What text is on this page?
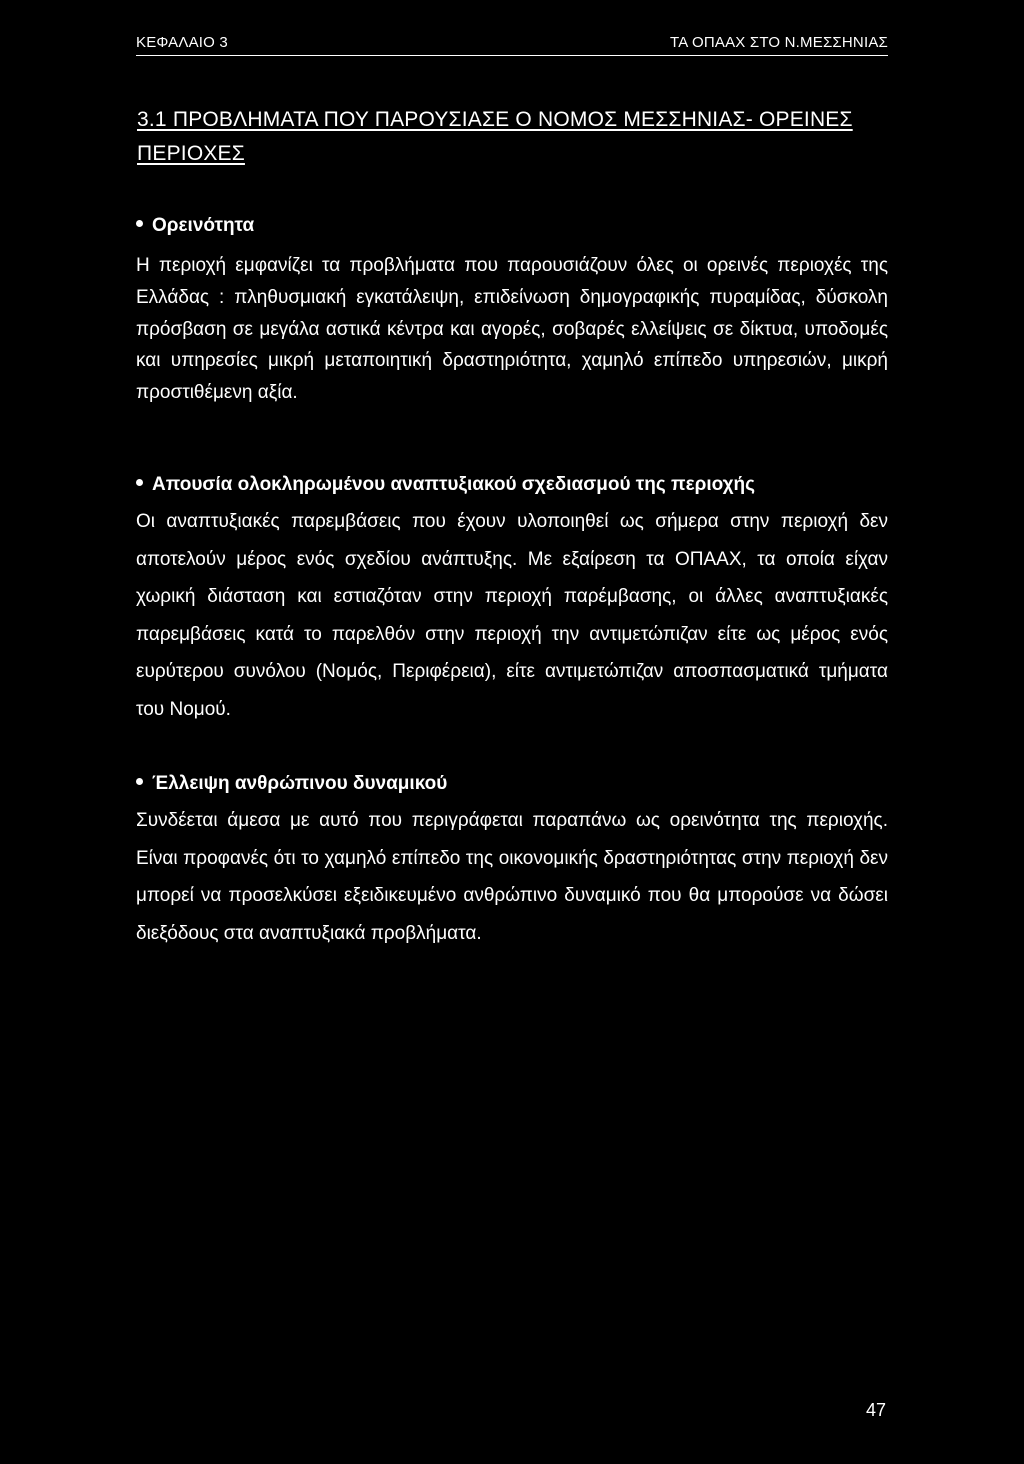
ΚΕΦΑΛΑΙΟ 3	ΤΑ ΟΠΑΑΧ ΣΤΟ Ν.ΜΕΣΣΗΝΙΑΣ
3.1 ΠΡΟΒΛΗΜΑΤΑ ΠΟΥ ΠΑΡΟΥΣΙΑΣΕ Ο ΝΟΜΟΣ ΜΕΣΣΗΝΙΑΣ- ΟΡΕΙΝΕΣ ΠΕΡΙΟΧΕΣ
Ορεινότητα

Η περιοχή εμφανίζει τα προβλήματα που παρουσιάζουν όλες οι ορεινές περιοχές της Ελλάδας : πληθυσμιακή εγκατάλειψη, επιδείνωση δημογραφικής πυραμίδας, δύσκολη πρόσβαση σε μεγάλα αστικά κέντρα και αγορές, σοβαρές ελλείψεις σε δίκτυα, υποδομές και υπηρεσίες μικρή μεταποιητική δραστηριότητα, χαμηλό επίπεδο υπηρεσιών, μικρή προστιθέμενη αξία.

Απουσία ολοκληρωμένου αναπτυξιακού σχεδιασμού της περιοχής

Οι αναπτυξιακές παρεμβάσεις που έχουν υλοποιηθεί ως σήμερα στην περιοχή δεν αποτελούν μέρος ενός σχεδίου ανάπτυξης. Με εξαίρεση τα ΟΠΑΑΧ, τα οποία είχαν χωρική διάσταση και εστιαζόταν στην περιοχή παρέμβασης, οι άλλες αναπτυξιακές παρεμβάσεις κατά το παρελθόν στην περιοχή την αντιμετώπιζαν είτε ως μέρος ενός ευρύτερου συνόλου (Νομός, Περιφέρεια), είτε αντιμετώπιζαν αποσπασματικά τμήματα του Νομού.

Έλλειψη ανθρώπινου δυναμικού

Συνδέεται άμεσα με αυτό που περιγράφεται παραπάνω ως ορεινότητα της περιοχής. Είναι προφανές ότι το χαμηλό επίπεδο της οικονομικής δραστηριότητας στην περιοχή δεν μπορεί να προσελκύσει εξειδικευμένο ανθρώπινο δυναμικό που θα μπορούσε να δώσει διεξόδους στα αναπτυξιακά προβλήματα.

47
